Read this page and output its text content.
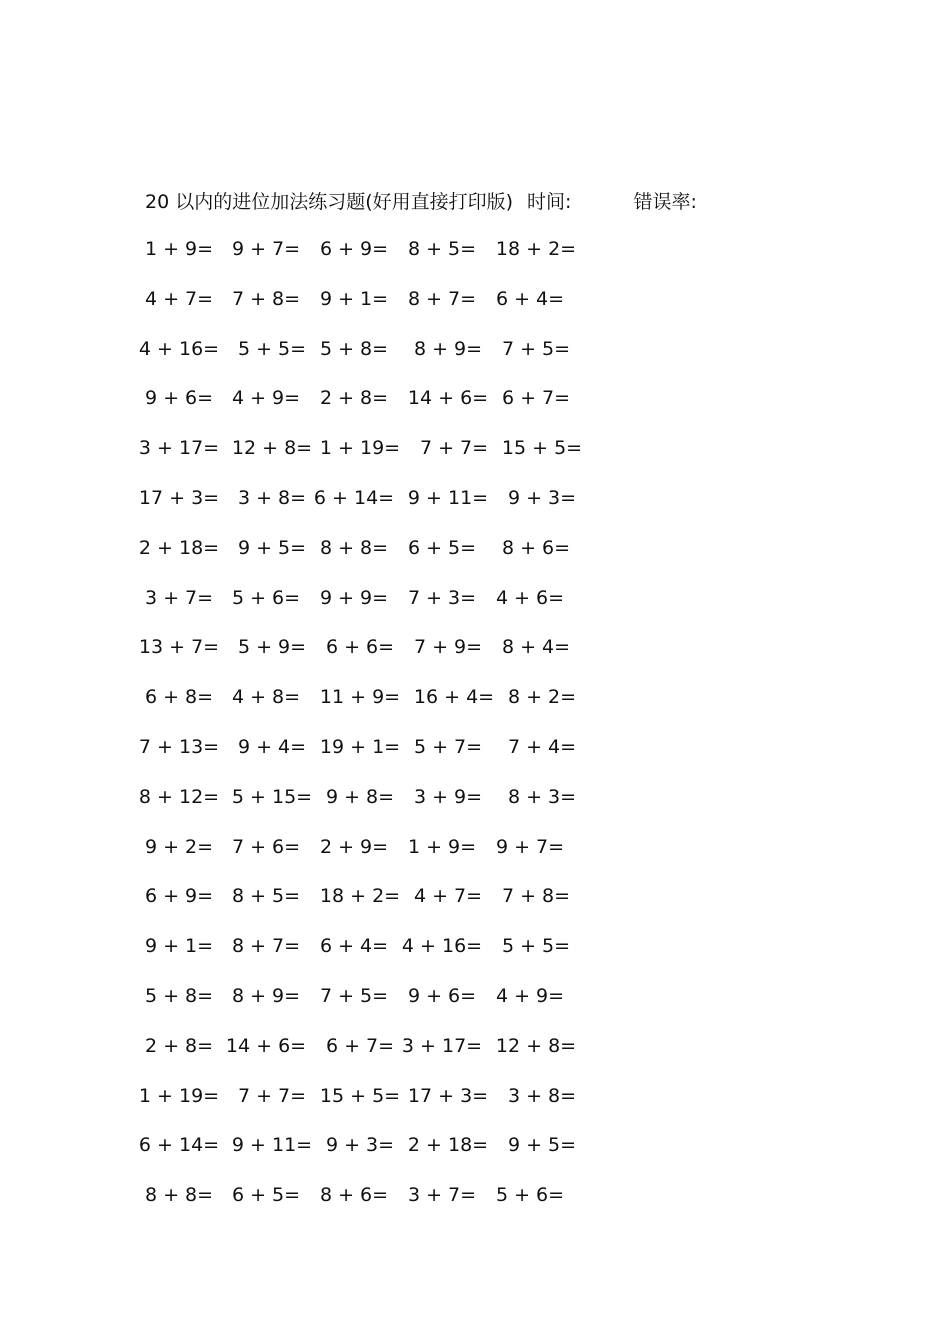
20 以内的进位加法练习题(好用直接打印版) 时间:	错误率:
1 + 9= 9 + 7=	6 + 9=	8 + 5=	18 + 2=
4 + 7= 7 + 8=	9 + 1=	8 + 7=	6 + 4=
4 + 16= 5 + 5= 5 + 8=	8 + 9=	7 + 5=
9 + 6= 4 + 9=	2 + 8=	14 + 6= 6 + 7=
3 + 17= 12 + 8= 1 + 19=	7 + 7= 15 + 5=
17 + 3= 3 + 8= 6 + 14= 9 + 11=	9 + 3=
2 + 18= 9 + 5= 8 + 8=	6 + 5=	8 + 6=
3 + 7= 5 + 6=	9 + 9=	7 + 3=	4 + 6=
13 + 7= 5 + 9=	6 + 6=	7 + 9=	8 + 4=
6 + 8= 4 + 8=	11 + 9= 16 + 4= 8 + 2=
7 + 13= 9 + 4= 19 + 1= 5 + 7=	7 + 4=
8 + 12= 5 + 15= 9 + 8=	3 + 9=	8 + 3=
9 + 2= 7 + 6=	2 + 9=	1 + 9=	9 + 7=
6 + 9= 8 + 5=	18 + 2= 4 + 7=	7 + 8=
9 + 1= 8 + 7=	6 + 4= 4 + 16=	5 + 5=
5 + 8= 8 + 9=	7 + 5=	9 + 6=	4 + 9=
2 + 8= 14 + 6=	6 + 7= 3 + 17= 12 + 8=
1 + 19= 7 + 7= 15 + 5= 17 + 3=	3 + 8=
6 + 14= 9 + 11= 9 + 3= 2 + 18=	9 + 5=
8 + 8= 6 + 5=	8 + 6=	3 + 7=	5 + 6=
